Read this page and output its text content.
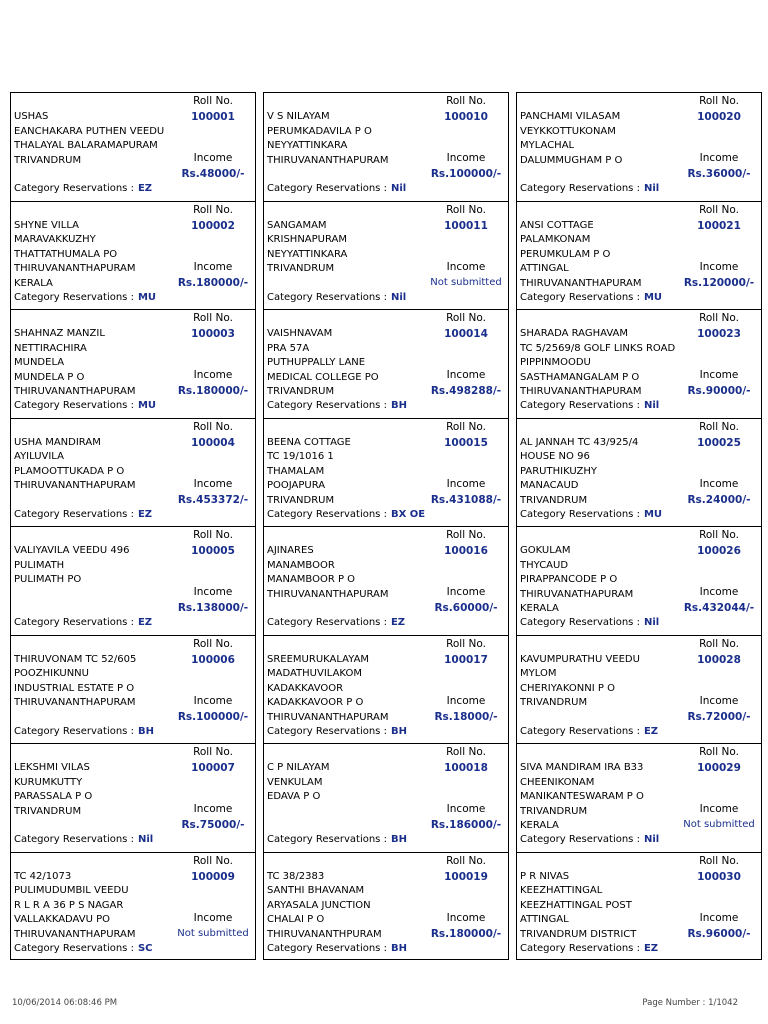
USHAS
EANCHAKARA PUTHEN VEEDU
THALAYAL BALARAMAPURAM
TRIVANDRUM
Roll No.
100001
Income
Rs.48000/-
Category Reservations : EZ
SHYNE VILLA
MARAVAKKUZHY
THATTATHUMALA PO
THIRUVANANTHAPURAM
KERALA
Roll No.
100002
Income
Rs.180000/-
Category Reservations : MU
SHAHNAZ MANZIL
NETTIRACHIRA
MUNDELA
MUNDELA P O
THIRUVANANTHAPURAM
Roll No.
100003
Income
Rs.180000/-
Category Reservations : MU
USHA MANDIRAM
AYILUVILA
PLAMOOTTUKADA P O
THIRUVANANTHAPURAM
Roll No.
100004
Income
Rs.453372/-
Category Reservations : EZ
VALIYAVILA VEEDU 496
PULIMATH
PULIMATH PO
Roll No.
100005
Income
Rs.138000/-
Category Reservations : EZ
THIRUVONAM TC 52/605
POOZHIKUNNU
INDUSTRIAL ESTATE P O
THIRUVANANTHAPURAM
Roll No.
100006
Income
Rs.100000/-
Category Reservations : BH
LEKSHMI VILAS
KURUMKUTTY
PARASSALA P O
TRIVANDRUM
Roll No.
100007
Income
Rs.75000/-
Category Reservations : Nil
TC 42/1073
PULIMUDUMBIL VEEDU
R L R A 36 P S NAGAR
VALLAKKADAVU PO
THIRUVANANTHAPURAM
Roll No.
100009
Income
Not submitted
Category Reservations : SC
V S NILAYAM
PERUMKADAVILA P O
NEYYATTINKARA
THIRUVANANTHAPURAM
Roll No.
100010
Income
Rs.100000/-
Category Reservations : Nil
SANGAMAM
KRISHNAPURAM
NEYYATTINKARA
TRIVANDRUM
Roll No.
100011
Income
Not submitted
Category Reservations : Nil
VAISHNAVAM
PRA 57A
PUTHUPPALLY LANE
MEDICAL COLLEGE PO
TRIVANDRUM
Roll No.
100014
Income
Rs.498288/-
Category Reservations : BH
BEENA COTTAGE
TC 19/1016 1
THAMALAM
POOJAPURA
TRIVANDRUM
Roll No.
100015
Income
Rs.431088/-
Category Reservations : BX OE
AJINARES
MANAMBOOR
MANAMBOOR P O
THIRUVANANTHAPURAM
Roll No.
100016
Income
Rs.60000/-
Category Reservations : EZ
SREEMURUKALAYAM
MADATHUVILAKOM
KADAKKAVOOR
KADAKKAVOOR P O
THIRUVANANTHAPURAM
Roll No.
100017
Income
Rs.18000/-
Category Reservations : BH
C P NILAYAM
VENKULAM
EDAVA P O
Roll No.
100018
Income
Rs.186000/-
Category Reservations : BH
TC 38/2383
SANTHI BHAVANAM
ARYASALA JUNCTION
CHALAI P O
THIRUVANANTHPURAM
Roll No.
100019
Income
Rs.180000/-
Category Reservations : BH
PANCHAMI VILASAM
VEYKKOTTUKONAM
MYLACHAL
DALUMMUGHAM P O
Roll No.
100020
Income
Rs.36000/-
Category Reservations : Nil
ANSI COTTAGE
PALAMKONAM
PERUMKULAM P O
ATTINGAL
THIRUVANANTHAPURAM
Roll No.
100021
Income
Rs.120000/-
Category Reservations : MU
SHARADA RAGHAVAM
TC 5/2569/8 GOLF LINKS ROAD
PIPPINMOODU
SASTHAMANGALAM P O
THIRUVANANTHAPURAM
Roll No.
100023
Income
Rs.90000/-
Category Reservations : Nil
AL JANNAH TC 43/925/4
HOUSE NO 96
PARUTHIKUZHY
MANACAUD
TRIVANDRUM
Roll No.
100025
Income
Rs.24000/-
Category Reservations : MU
GOKULAM
THYCAUD
PIRAPPANCODE P O
THIRUVANATHAPURAM
KERALA
Roll No.
100026
Income
Rs.432044/-
Category Reservations : Nil
KAVUMPURATHU VEEDU
MYLOM
CHERIYAKONNI P O
TRIVANDRUM
Roll No.
100028
Income
Rs.72000/-
Category Reservations : EZ
SIVA MANDIRAM IRA B33
CHEENIKONAM
MANIKANTESWARAM P O
TRIVANDRUM
KERALA
Roll No.
100029
Income
Not submitted
Category Reservations : Nil
P R NIVAS
KEEZHATTINGAL
KEEZHATTINGAL POST
ATTINGAL
TRIVANDRUM DISTRICT
Roll No.
100030
Income
Rs.96000/-
Category Reservations : EZ
10/06/2014 06:08:46 PM	Page Number : 1/1042
